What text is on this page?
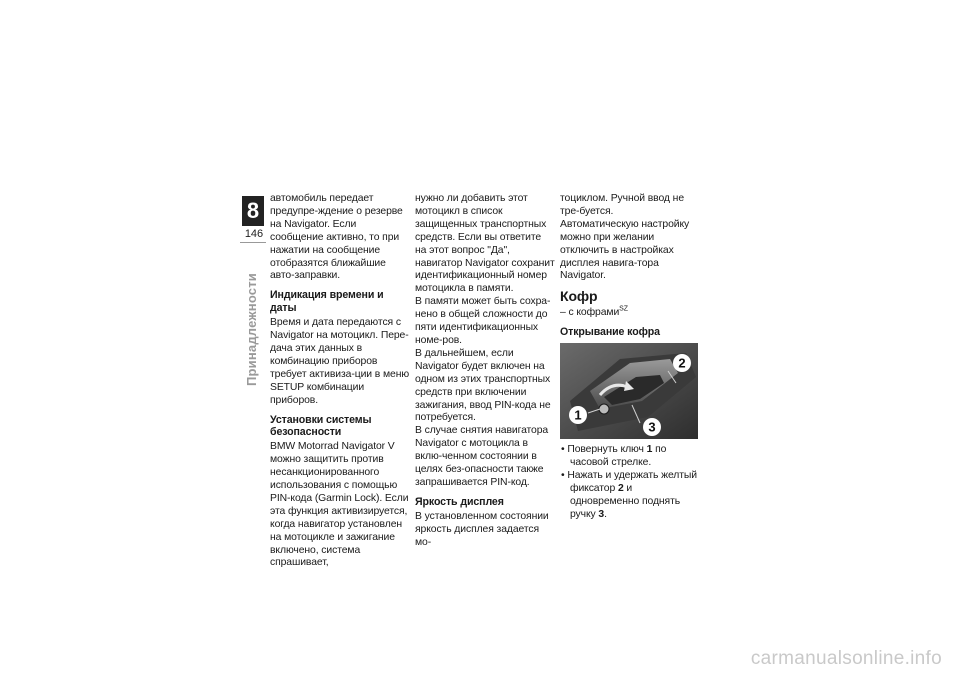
8
146
Принадлежности

автомобиль передает предупре-ждение о резерве на Navigator. Если сообщение активно, то при нажатии на сообщение отобразятся ближайшие авто-заправки.

Индикация времени и даты

Время и дата передаются с Navigator на мотоцикл. Пере-дача этих данных в комбинацию приборов требует активиза-ции в меню SETUP комбинации приборов.

Установки системы безопасности

BMW Motorrad Navigator V можно защитить против несанкционированного использования с помощью PIN-кода (Garmin Lock). Если эта функция активизируется, когда навигатор установлен на мотоцикле и зажигание включено, система спрашивает,

нужно ли добавить этот мотоцикл в список защищенных транспортных средств. Если вы ответите на этот вопрос "Да", навигатор Navigator сохранит идентификационный номер мотоцикла в памяти.

В памяти может быть сохра-нено в общей сложности до пяти идентификационных номе-ров.

В дальнейшем, если Navigator будет включен на одном из этих транспортных средств при включении зажигания, ввод PIN-кода не потребуется.

В случае снятия навигатора Navigator с мотоцикла в вклю-ченном состоянии в целях без-опасности также запрашивается PIN-код.

Яркость дисплея

В установленном состоянии яркость дисплея задается мо-

тоциклом. Ручной ввод не тре-буется.

Автоматическую настройку можно при желании отключить в настройках дисплея навига-тора Navigator.

Кофр

– с кофрами$^{SZ}$

Открывание кофра
1
2
3

• Повернуть ключ 1 по часовой стрелке.

• Нажать и удержать желтый фиксатор 2 и одновременно поднять ручку 3.

carmanualsonline.info
